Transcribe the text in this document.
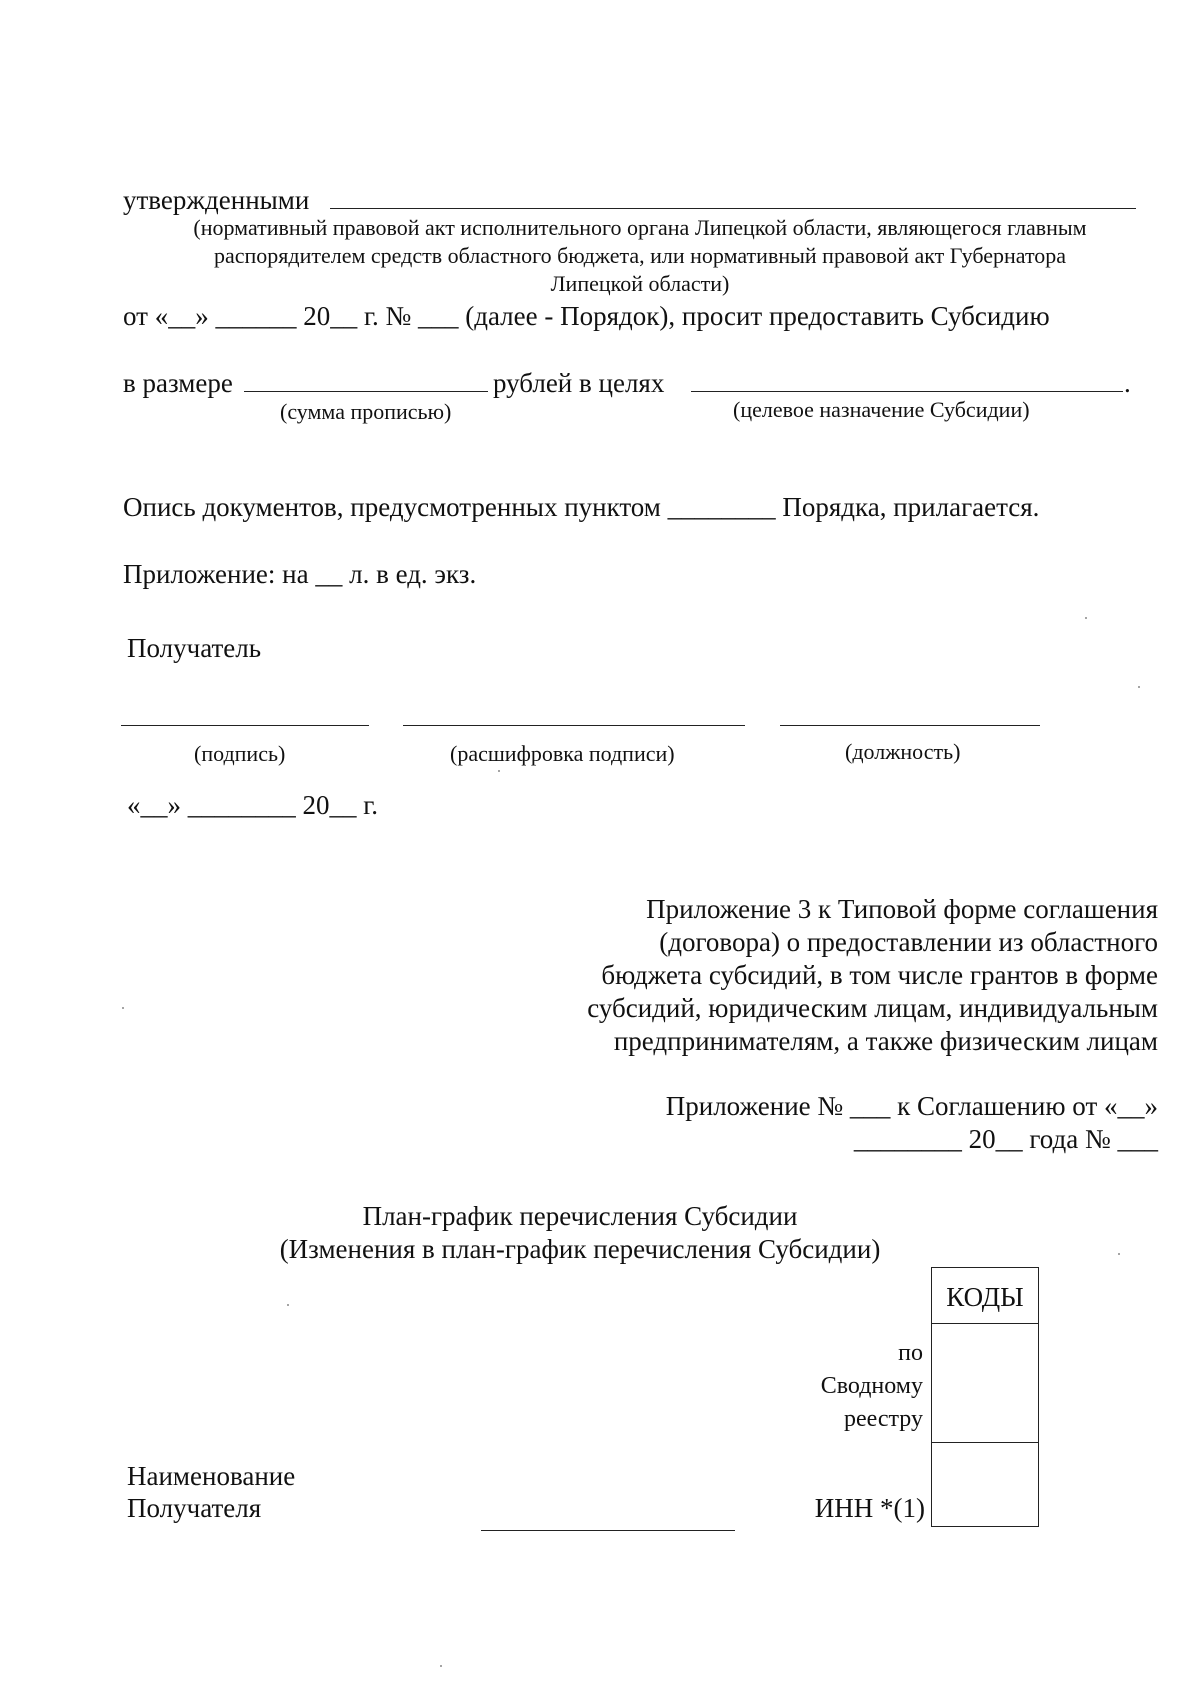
утвержденными
(нормативный правовой акт исполнительного органа Липецкой области, являющегося главным
распорядителем средств областного бюджета, или нормативный правовой акт Губернатора
Липецкой области)
от «__» ______ 20__ г. № ___ (далее - Порядок), просит предоставить Субсидию
в размере	рублей в целях	.
(сумма прописью)	(целевое назначение Субсидии)
Опись документов, предусмотренных пунктом ________ Порядка, прилагается.
Приложение: на __ л. в ед. экз.
Получатель
(подпись)	(расшифровка подписи)	(должность)
«__» ________ 20__ г.
Приложение 3 к Типовой форме соглашения
(договора) о предоставлении из областного
бюджета субсидий, в том числе грантов в форме
субсидий, юридическим лицам, индивидуальным
предпринимателям, а также физическим лицам
Приложение № ___ к Соглашению от «__»
________ 20__ года № ___
План-график перечисления Субсидии
(Изменения в план-график перечисления Субсидии)
КОДЫ
по
Сводному
реестру
Наименование
Получателя	ИНН *(1)
